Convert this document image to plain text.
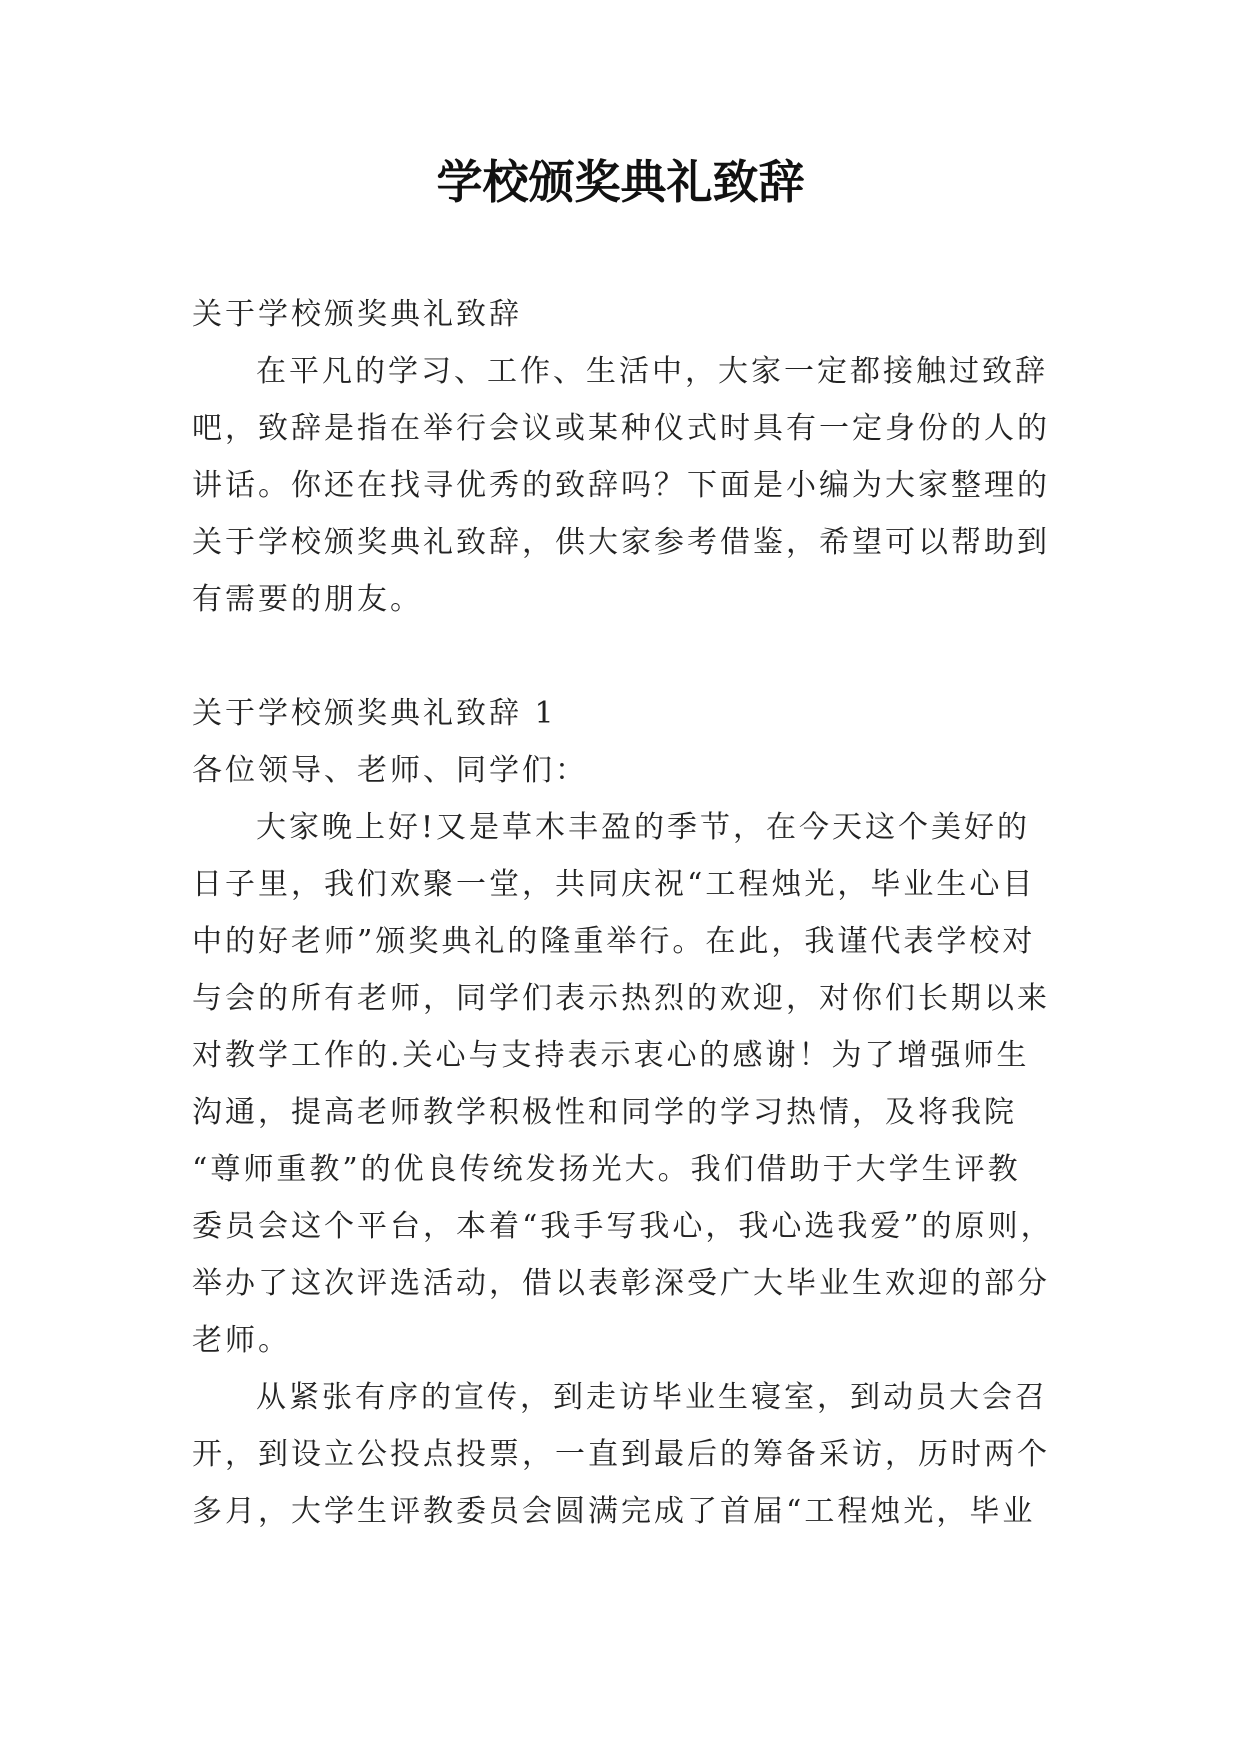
学校颁奖典礼致辞

关于学校颁奖典礼致辞

在平凡的学习、工作、生活中，大家一定都接触过致辞

吧，致辞是指在举行会议或某种仪式时具有一定身份的人的

讲话。你还在找寻优秀的致辞吗？下面是小编为大家整理的

关于学校颁奖典礼致辞，供大家参考借鉴，希望可以帮助到

有需要的朋友。

关于学校颁奖典礼致辞 1

各位领导、老师、同学们：

大家晚上好!又是草木丰盈的季节，在今天这个美好的

日子里，我们欢聚一堂，共同庆祝“工程烛光，毕业生心目

中的好老师”颁奖典礼的隆重举行。在此，我谨代表学校对

与会的所有老师，同学们表示热烈的欢迎，对你们长期以来

对教学工作的.关心与支持表示衷心的感谢！为了增强师生

沟通，提高老师教学积极性和同学的学习热情，及将我院

“尊师重教”的优良传统发扬光大。我们借助于大学生评教

委员会这个平台，本着“我手写我心，我心选我爱”的原则，

举办了这次评选活动，借以表彰深受广大毕业生欢迎的部分

老师。

从紧张有序的宣传，到走访毕业生寝室，到动员大会召

开，到设立公投点投票，一直到最后的筹备采访，历时两个

多月，大学生评教委员会圆满完成了首届“工程烛光，毕业
